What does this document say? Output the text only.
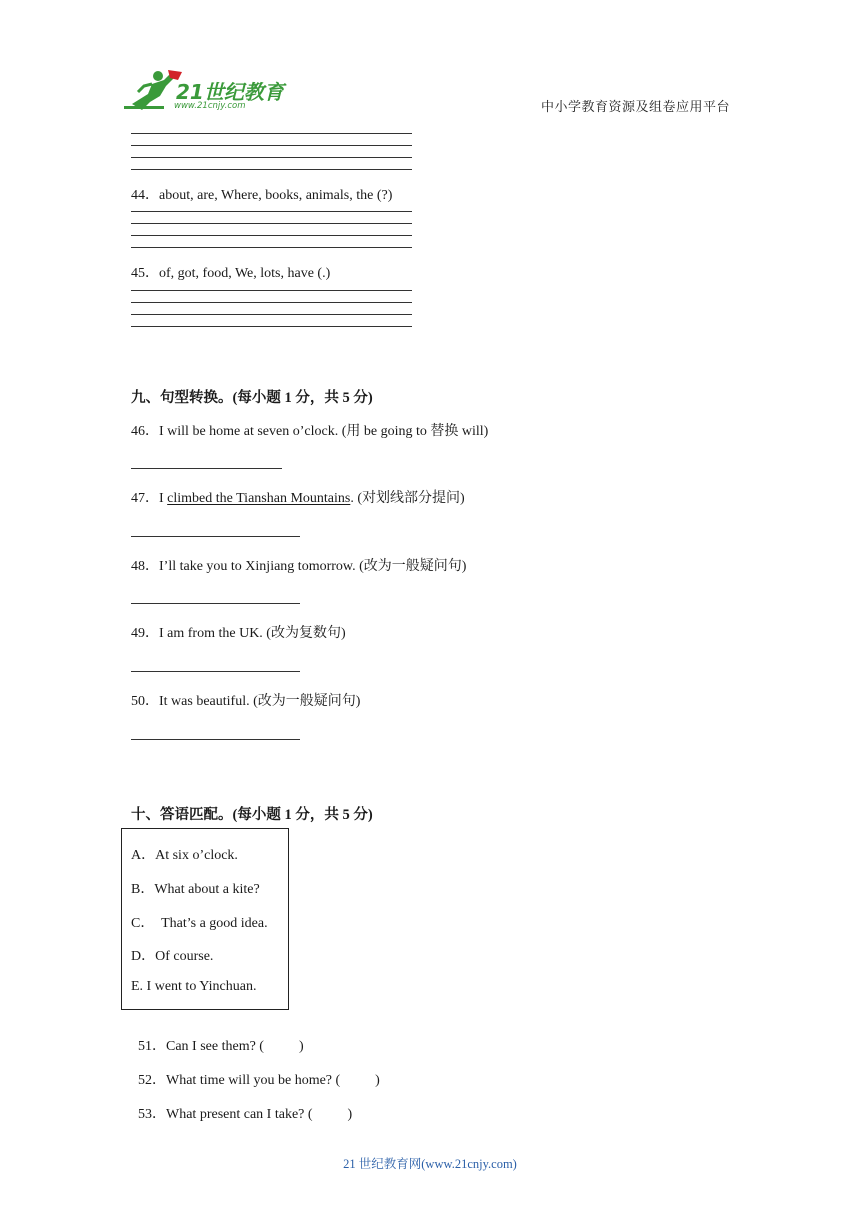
21世纪教育
www.21cnjy.com	中小学教育资源及组卷应用平台
44．about, are, Where, books, animals, the (?)
45．of, got, food, We, lots, have (.)
九、句型转换。(每小题 1 分，共 5 分)
46．I will be home at seven o’clock. (用 be going to 替换 will)
47．I climbed the Tianshan Mountains. (对划线部分提问)
48．I’ll take you to Xinjiang tomorrow. (改为一般疑问句)
49．I am from the UK. (改为复数句)
50．It was beautiful. (改为一般疑问句)
十、答语匹配。(每小题 1 分，共 5 分)
A．At six o’clock.
B．What about a kite?
C．  That’s a good idea.
D．Of course.
E. I went to Yinchuan.

51．Can I see them? (          )

52．What time will you be home? (          )

53．What present can I take? (          )

21 世纪教育网(www.21cnjy.com)
